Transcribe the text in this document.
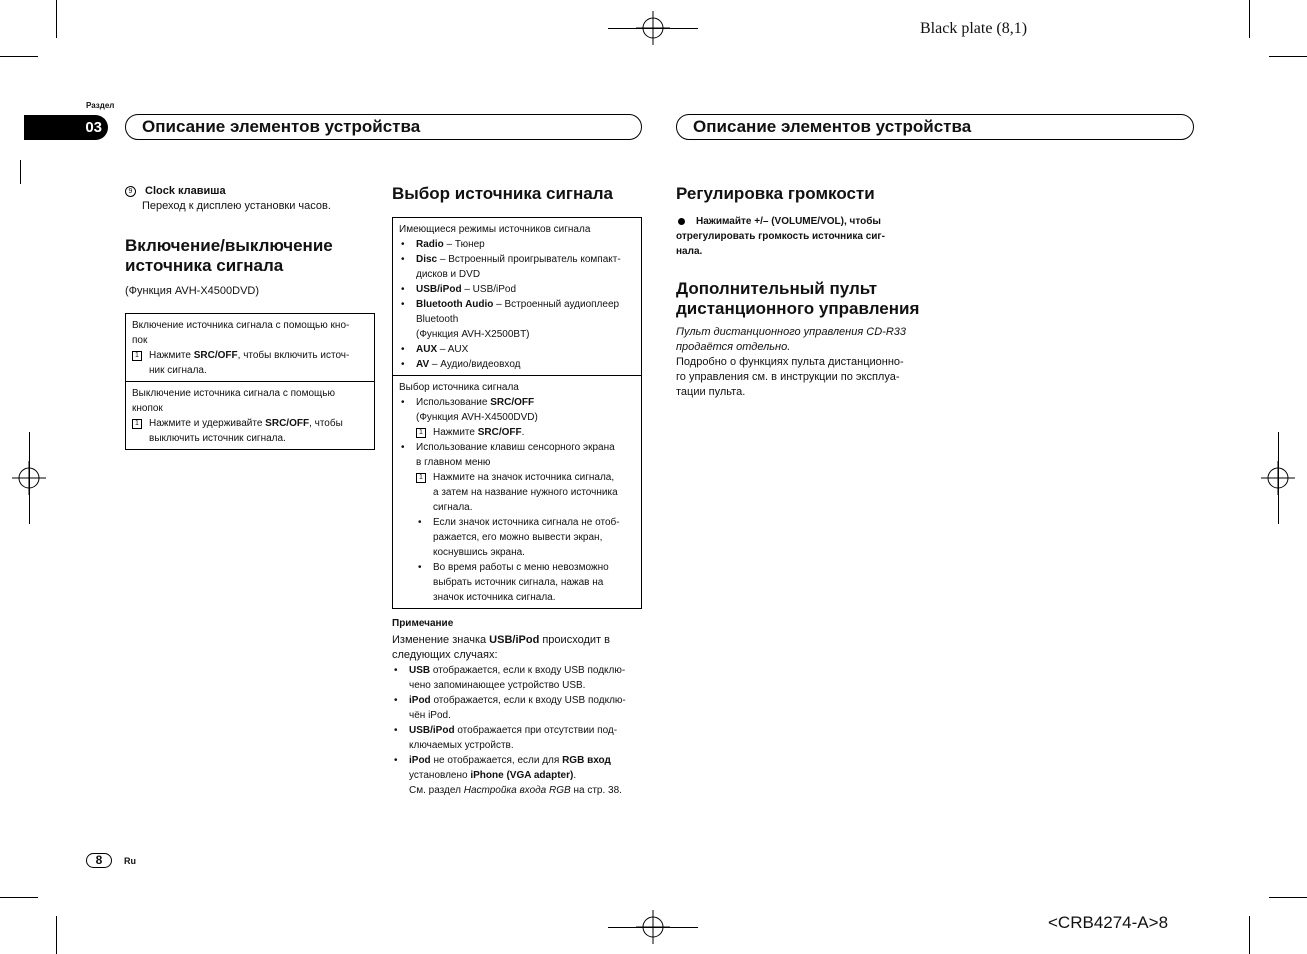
Black plate (8,1)
<CRB4274-A>8
Раздел
03	Описание элементов устройства	Описание элементов устройства
9 Clock клавиша
Переход к дисплею установки часов.
Включение/выключение
источника сигнала
(Функция AVH-X4500DVD)
Включение источника сигнала с помощью кно-
пок
1	Нажмите SRC/OFF, чтобы включить источ-
ник сигнала.
Выключение источника сигнала с помощью
кнопок
1	Нажмите и удерживайте SRC/OFF, чтобы
выключить источник сигнала.
Выбор источника сигнала
Имеющиеся режимы источников сигнала
• Radio – Тюнер
• Disc – Встроенный проигрыватель компакт-
дисков и DVD
• USB/iPod – USB/iPod
• Bluetooth Audio – Встроенный аудиоплеер
Bluetooth
(Функция AVH-X2500BT)
• AUX – AUX
• AV – Аудио/видеовход
Выбор источника сигнала
• Использование SRC/OFF
(Функция AVH-X4500DVD)
1	Нажмите SRC/OFF.
• Использование клавиш сенсорного экрана
в главном меню
1	Нажмите на значок источника сигнала,
а затем на название нужного источника
сигнала.
• Если значок источника сигнала не отоб-
ражается, его можно вывести экран,
коснувшись экрана.
• Во время работы с меню невозможно
выбрать источник сигнала, нажав на
значок источника сигнала.
Примечание
Изменение значка USB/iPod происходит в
следующих случаях:
• USB отображается, если к входу USB подклю-
чено запоминающее устройство USB.
• iPod отображается, если к входу USB подклю-
чён iPod.
• USB/iPod отображается при отсутствии под-
ключаемых устройств.
• iPod не отображается, если для RGB вход
установлено iPhone (VGA adapter).
См. раздел Настройка входа RGB на стр. 38.
Регулировка громкости
Нажимайте +/– (VOLUME/VOL), чтобы
отрегулировать громкость источника сиг-
нала.
Дополнительный пульт
дистанционного управления
Пульт дистанционного управления CD-R33
продаётся отдельно.
Подробно о функциях пульта дистанционно-
го управления см. в инструкции по эксплуа-
тации пульта.
8	Ru
